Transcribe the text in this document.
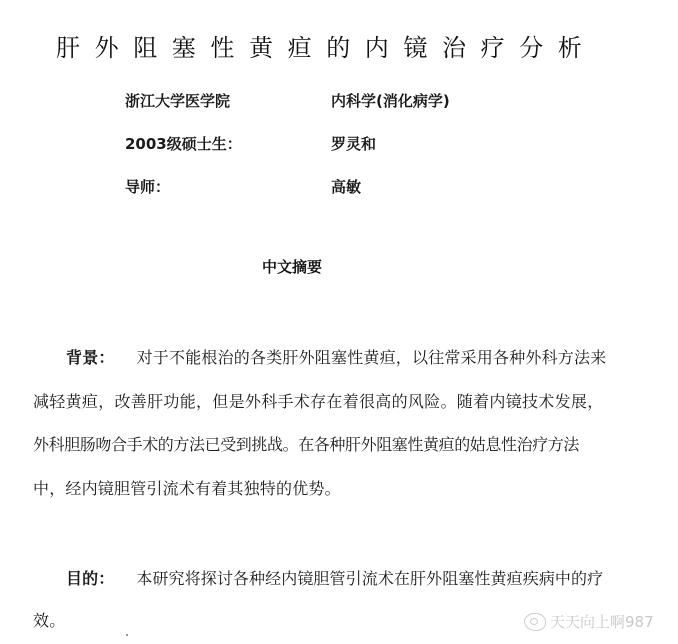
肝外阻塞性黄疸的内镜治疗分析
浙江大学医学院	内科学(消化病学)
2003级硕士生：	罗灵和
导师：	高敏
中文摘要
背景： 对于不能根治的各类肝外阻塞性黄疸，以往常采用各种外科方法来
减轻黄疸，改善肝功能，但是外科手术存在着很高的风险。随着内镜技术发展，
外科胆肠吻合手术的方法已受到挑战。在各种肝外阻塞性黄疸的姑息性治疗方法
中，经内镜胆管引流术有着其独特的优势。
目的： 本研究将探讨各种经内镜胆管引流术在肝外阻塞性黄疸疾病中的疗
效。	天天向上啊987
